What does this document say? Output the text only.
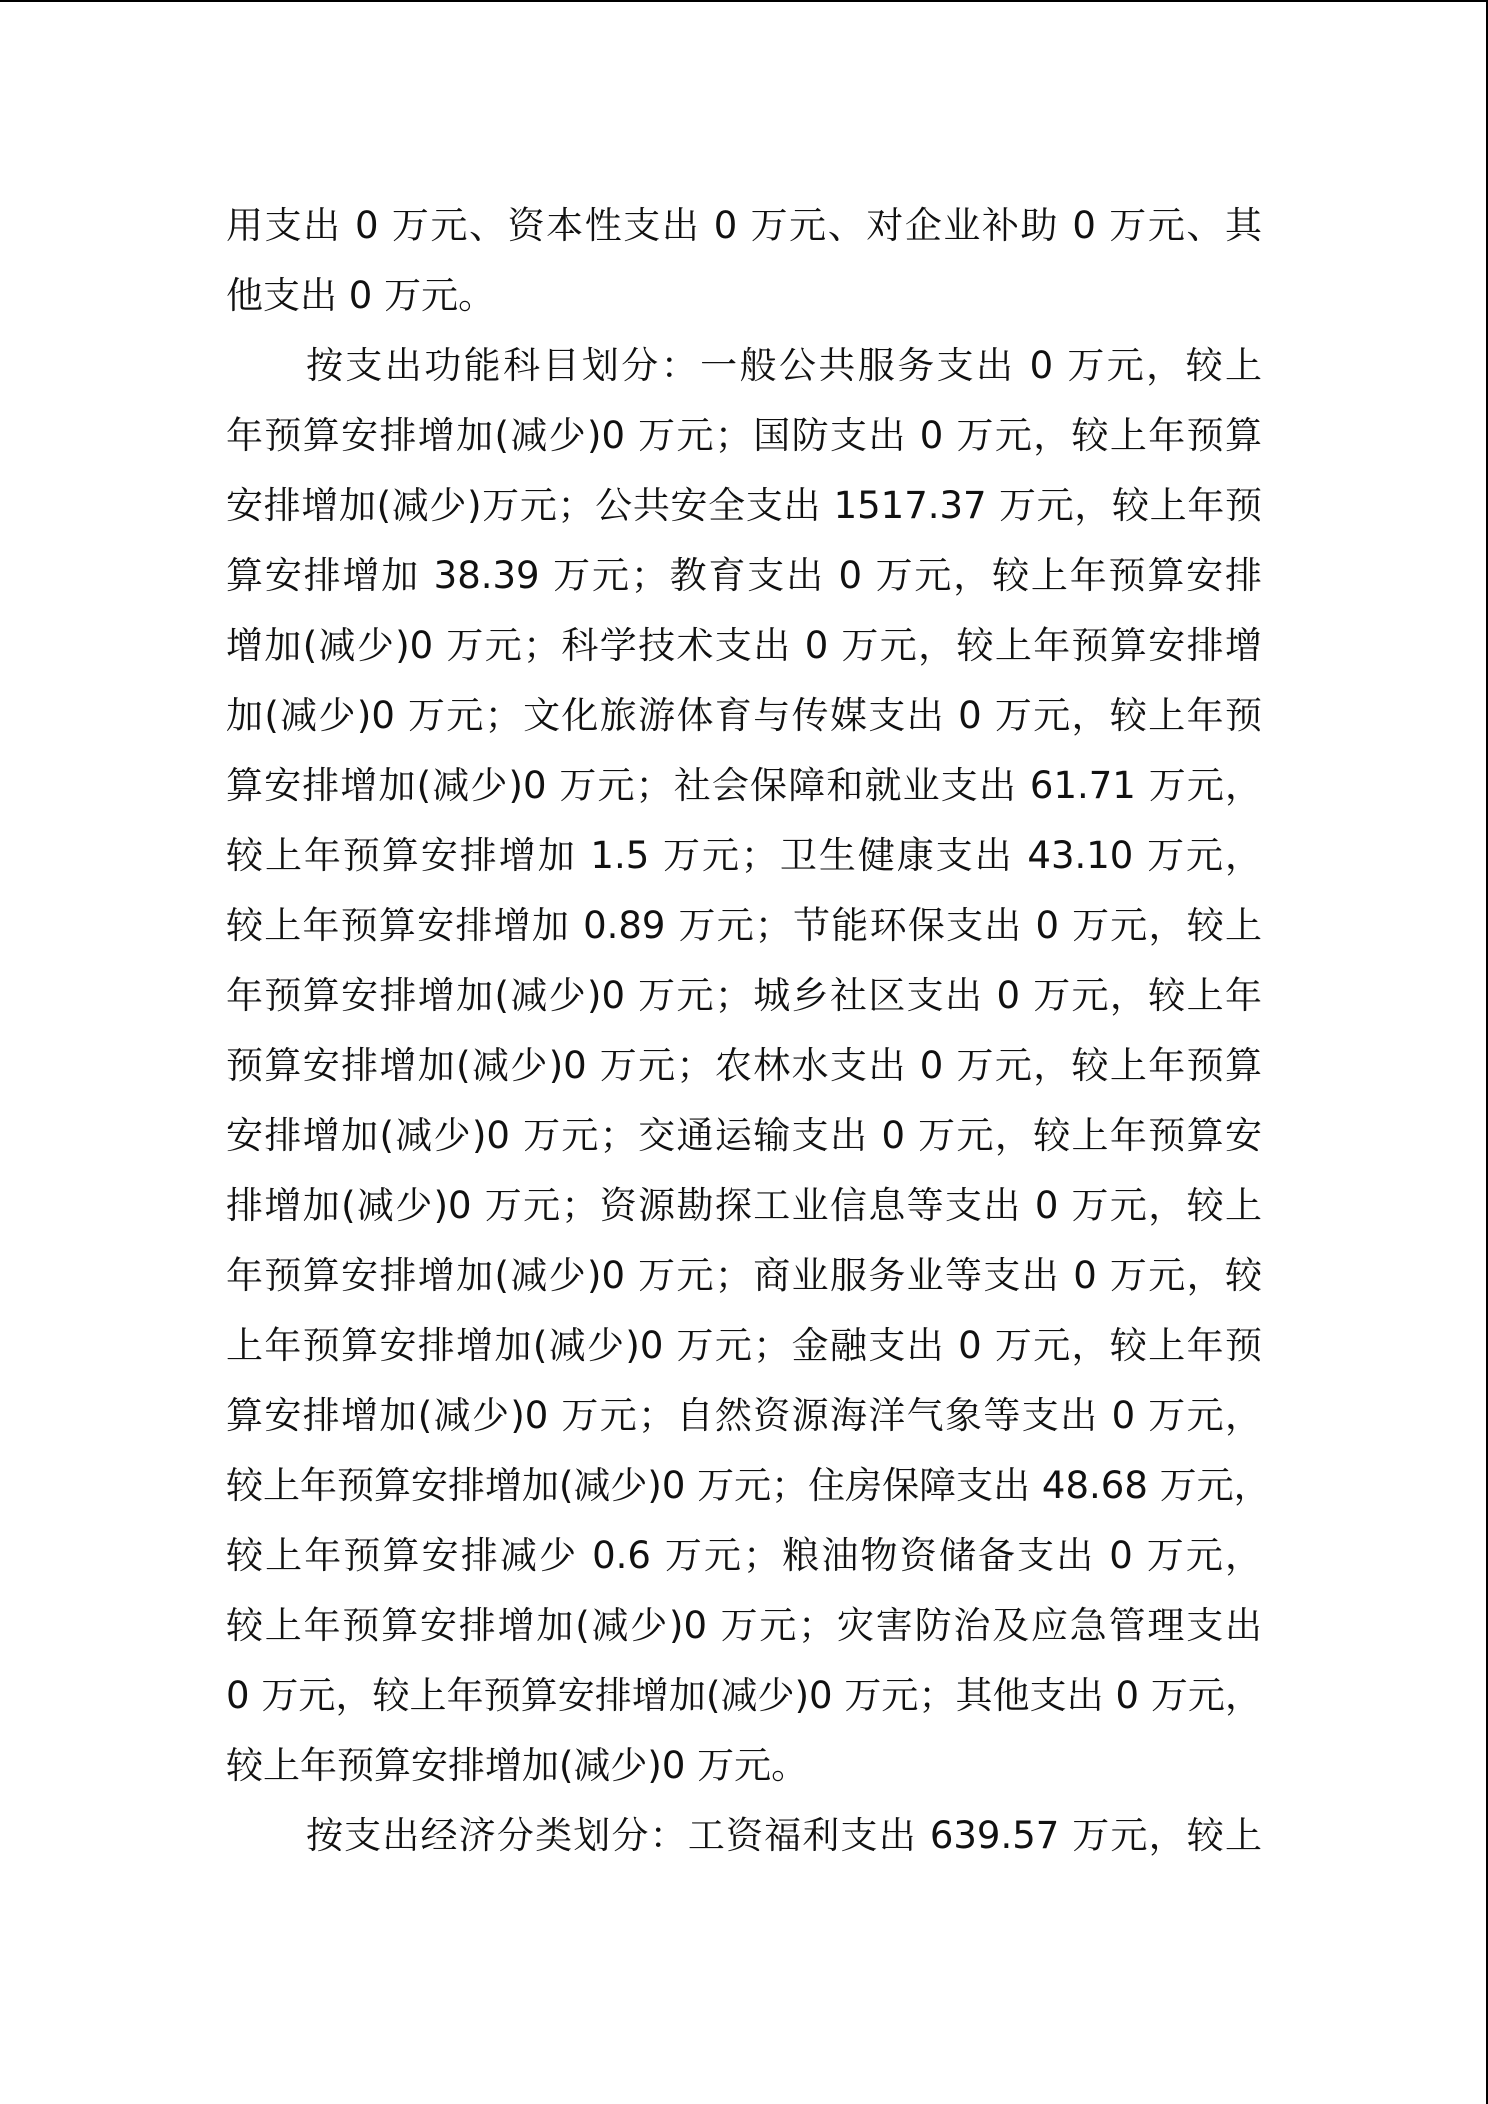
用支出 0 万元、资本性支出 0 万元、对企业补助 0 万元、其
他支出 0 万元。
按支出功能科目划分：一般公共服务支出 0 万元，较上
年预算安排增加(减少)0 万元；国防支出 0 万元，较上年预算
安排增加(减少)万元；公共安全支出 1517.37 万元，较上年预
算安排增加 38.39 万元；教育支出 0 万元，较上年预算安排
增加(减少)0 万元；科学技术支出 0 万元，较上年预算安排增
加(减少)0 万元；文化旅游体育与传媒支出 0 万元，较上年预
算安排增加(减少)0 万元；社会保障和就业支出 61.71 万元，
较上年预算安排增加 1.5 万元；卫生健康支出 43.10 万元，
较上年预算安排增加 0.89 万元；节能环保支出 0 万元，较上
年预算安排增加(减少)0 万元；城乡社区支出 0 万元，较上年
预算安排增加(减少)0 万元；农林水支出 0 万元，较上年预算
安排增加(减少)0 万元；交通运输支出 0 万元，较上年预算安
排增加(减少)0 万元；资源勘探工业信息等支出 0 万元，较上
年预算安排增加(减少)0 万元；商业服务业等支出 0 万元，较
上年预算安排增加(减少)0 万元；金融支出 0 万元，较上年预
算安排增加(减少)0 万元；自然资源海洋气象等支出 0 万元，
较上年预算安排增加(减少)0 万元；住房保障支出 48.68 万元，
较上年预算安排减少 0.6 万元；粮油物资储备支出 0 万元，
较上年预算安排增加(减少)0 万元；灾害防治及应急管理支出
0 万元，较上年预算安排增加(减少)0 万元；其他支出 0 万元，
较上年预算安排增加(减少)0 万元。
按支出经济分类划分：工资福利支出 639.57 万元，较上
